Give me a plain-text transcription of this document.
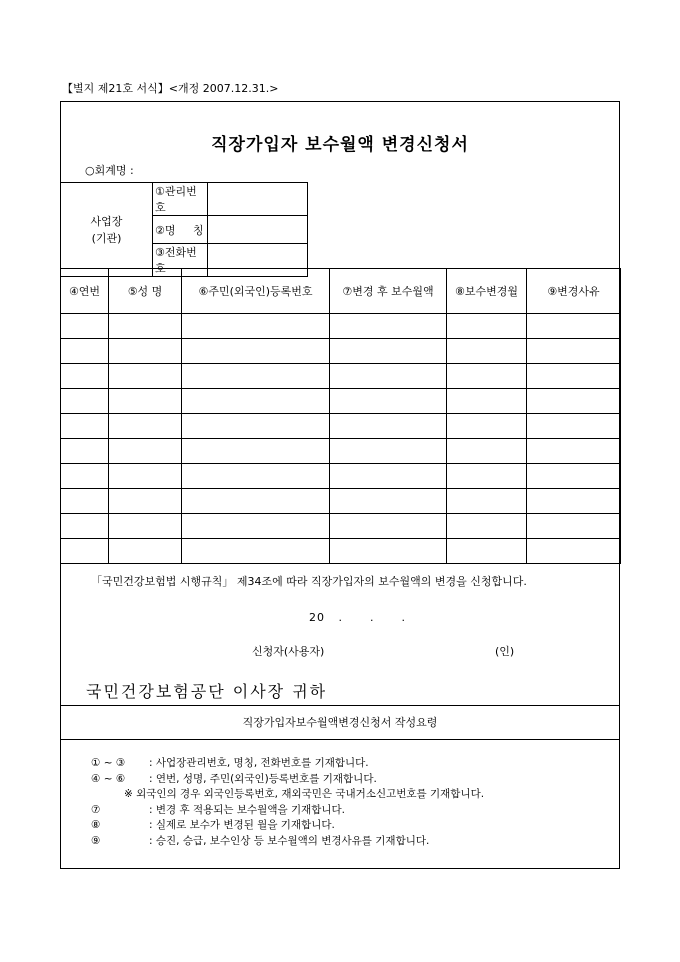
【별지 제21호 서식】<개정 2007.12.31.>
직장가입자 보수월액 변경신청서
○회계명 :
사업장
(기관)	①관리번호	
	②명     칭	
	③전화번호	
④연번	⑤성 명	⑥주민(외국인)등록번호	⑦변경 후 보수월액	⑧보수변경월	⑨변경사유

「국민건강보험법 시행규칙」 제34조에 따라 직장가입자의 보수월액의 변경을 신청합니다.
20   .      .      .
신청자(사용자)	(인)
국민건강보험공단 이사장 귀하
직장가입자보수월액변경신청서 작성요령
① ~ ③ : 사업장관리번호, 명칭, 전화번호를 기재합니다.
④ ~ ⑥ : 연번, 성명, 주민(외국인)등록번호를 기재합니다.
※ 외국인의 경우 외국인등록번호, 재외국민은 국내거소신고번호를 기재합니다.
⑦	: 변경 후 적용되는 보수월액을 기재합니다.
⑧	: 실제로 보수가 변경된 월을 기재합니다.
⑨	: 승진, 승급, 보수인상 등 보수월액의 변경사유를 기재합니다.
